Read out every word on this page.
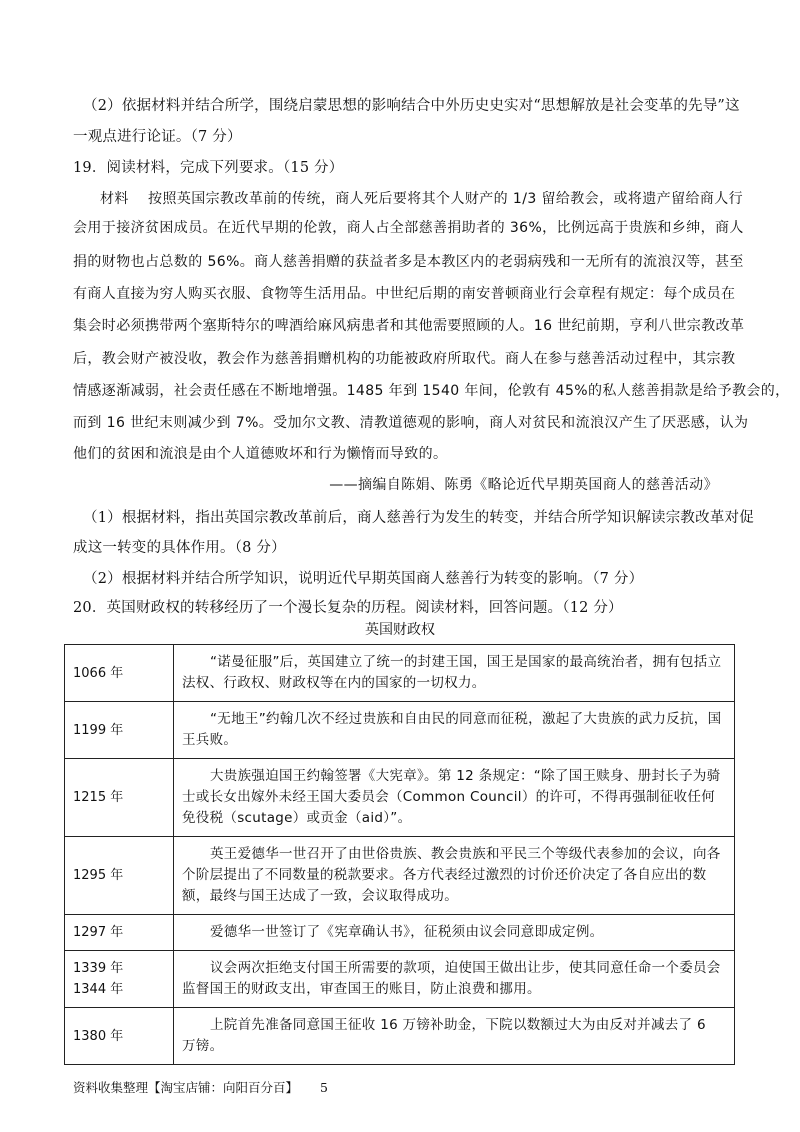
（2）依据材料并结合所学，围绕启蒙思想的影响结合中外历史史实对“思想解放是社会变革的先导”这
一观点进行论证。（7 分）
19．阅读材料，完成下列要求。（15 分）
材料　 按照英国宗教改革前的传统，商人死后要将其个人财产的 1/3 留给教会，或将遗产留给商人行
会用于接济贫困成员。在近代早期的伦敦，商人占全部慈善捐助者的 36%，比例远高于贵族和乡绅，商人
捐的财物也占总数的 56%。商人慈善捐赠的获益者多是本教区内的老弱病残和一无所有的流浪汉等，甚至
有商人直接为穷人购买衣服、食物等生活用品。中世纪后期的南安普顿商业行会章程有规定：每个成员在
集会时必须携带两个塞斯特尔的啤酒给麻风病患者和其他需要照顾的人。16 世纪前期，亨利八世宗教改革
后，教会财产被没收，教会作为慈善捐赠机构的功能被政府所取代。商人在参与慈善活动过程中，其宗教
情感逐渐减弱，社会责任感在不断地增强。1485 年到 1540 年间，伦敦有 45%的私人慈善捐款是给予教会的，
而到 16 世纪末则减少到 7%。受加尔文教、清教道德观的影响，商人对贫民和流浪汉产生了厌恶感，认为
他们的贫困和流浪是由个人道德败坏和行为懒惰而导致的。
——摘编自陈娟、陈勇《略论近代早期英国商人的慈善活动》
（1）根据材料，指出英国宗教改革前后，商人慈善行为发生的转变，并结合所学知识解读宗教改革对促
成这一转变的具体作用。（8 分）
（2）根据材料并结合所学知识，说明近代早期英国商人慈善行为转变的影响。（7 分）
20．英国财政权的转移经历了一个漫长复杂的历程。阅读材料，回答问题。（12 分）
英国财政权
1066 年	“诺曼征服”后，英国建立了统一的封建王国，国王是国家的最高统治者，拥有包括立法权、行政权、财政权等在内的国家的一切权力。
1199 年	“无地王”约翰几次不经过贵族和自由民的同意而征税，激起了大贵族的武力反抗，国王兵败。
1215 年	大贵族强迫国王约翰签署《大宪章》。第 12 条规定：“除了国王赎身、册封长子为骑士或长女出嫁外未经王国大委员会（Common Council）的许可，不得再强制征收任何免役税（scutage）或贡金（aid）”。
1295 年	英王爱德华一世召开了由世俗贵族、教会贵族和平民三个等级代表参加的会议，向各个阶层提出了不同数量的税款要求。各方代表经过激烈的讨价还价决定了各自应出的数额，最终与国王达成了一致，会议取得成功。
1297 年	爱德华一世签订了《宪章确认书》，征税须由议会同意即成定例。

1339 年
1344 年	议会两次拒绝支付国王所需要的款项，迫使国王做出让步，使其同意任命一个委员会监督国王的财政支出，审查国王的账目，防止浪费和挪用。
1380 年	上院首先准备同意国王征收 16 万镑补助金，下院以数额过大为由反对并减去了 6 万镑。
资料收集整理【淘宝店铺：向阳百分百】 5
